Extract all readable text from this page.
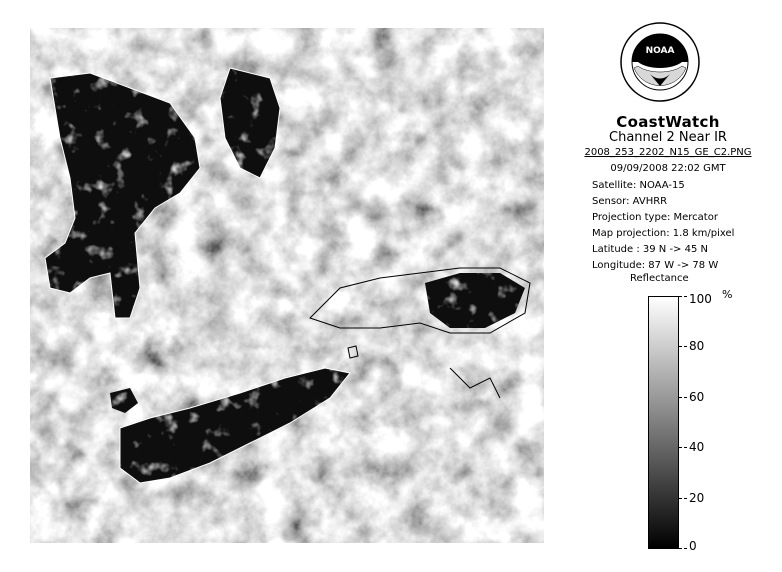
NOAA
CoastWatch
Channel 2 Near IR
2008_253_2202_N15_GE_C2.PNG
09/09/2008 22:02 GMT
Satellite: NOAA-15
Sensor: AVHRR
Projection type: Mercator
Map projection: 1.8 km/pixel
Latitude : 39 N -> 45 N
Longitude: 87 W -> 78 W
Reflectance
%
100
80
60
40
20
0
